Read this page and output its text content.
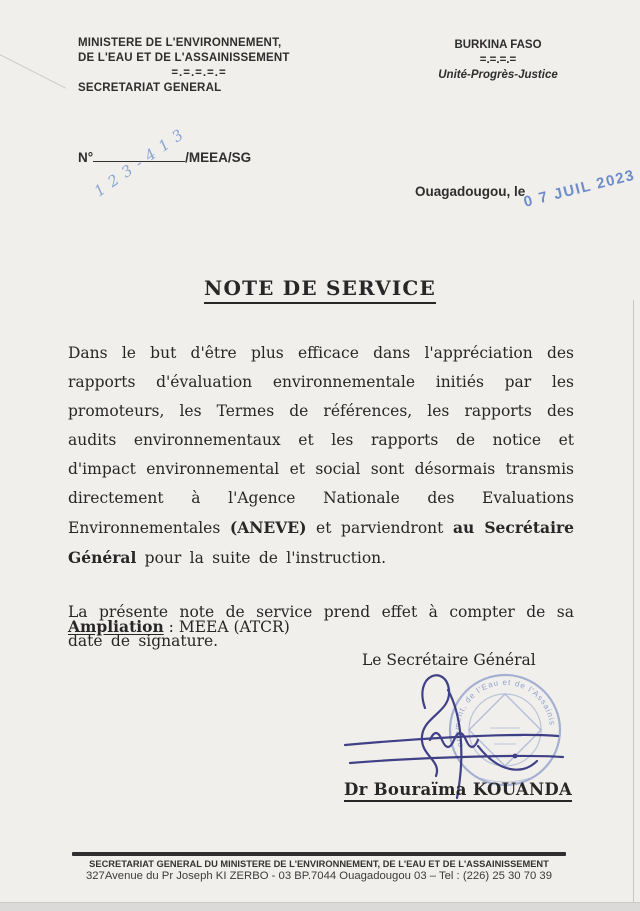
MINISTERE DE L'ENVIRONNEMENT,
DE L'EAU ET DE L'ASSAINISSEMENT
=.=.=.=.=
SECRETARIAT GENERAL
BURKINA FASO
=.=.=.=
Unité-Progrès-Justice
N°	/MEEA/SG
123-413	Ouagadougou, le
0 7 JUIL 2023
NOTE DE SERVICE

Dans le but d'être plus efficace dans l'appréciation des rapports d'évaluation environnementale initiés par les promoteurs, les Termes de références, les rapports des audits environnementaux et les rapports de notice et d'impact environnemental et social sont désormais transmis directement à l'Agence Nationale des Evaluations Environnementales (ANEVE) et parviendront au Secrétaire Général pour la suite de l'instruction.

La présente note de service prend effet à compter de sa date de signature.

Ampliation : MEEA (ATCR)
Le Secrétaire Général
nnement, de l'Eau et de l'Assainis
Dr Bouraïma KOUANDA
SECRETARIAT GENERAL DU MINISTERE DE L'ENVIRONNEMENT, DE L'EAU ET DE L'ASSAINISSEMENT
327Avenue du Pr Joseph KI ZERBO - 03 BP.7044 Ouagadougou 03 – Tel : (226) 25 30 70 39
